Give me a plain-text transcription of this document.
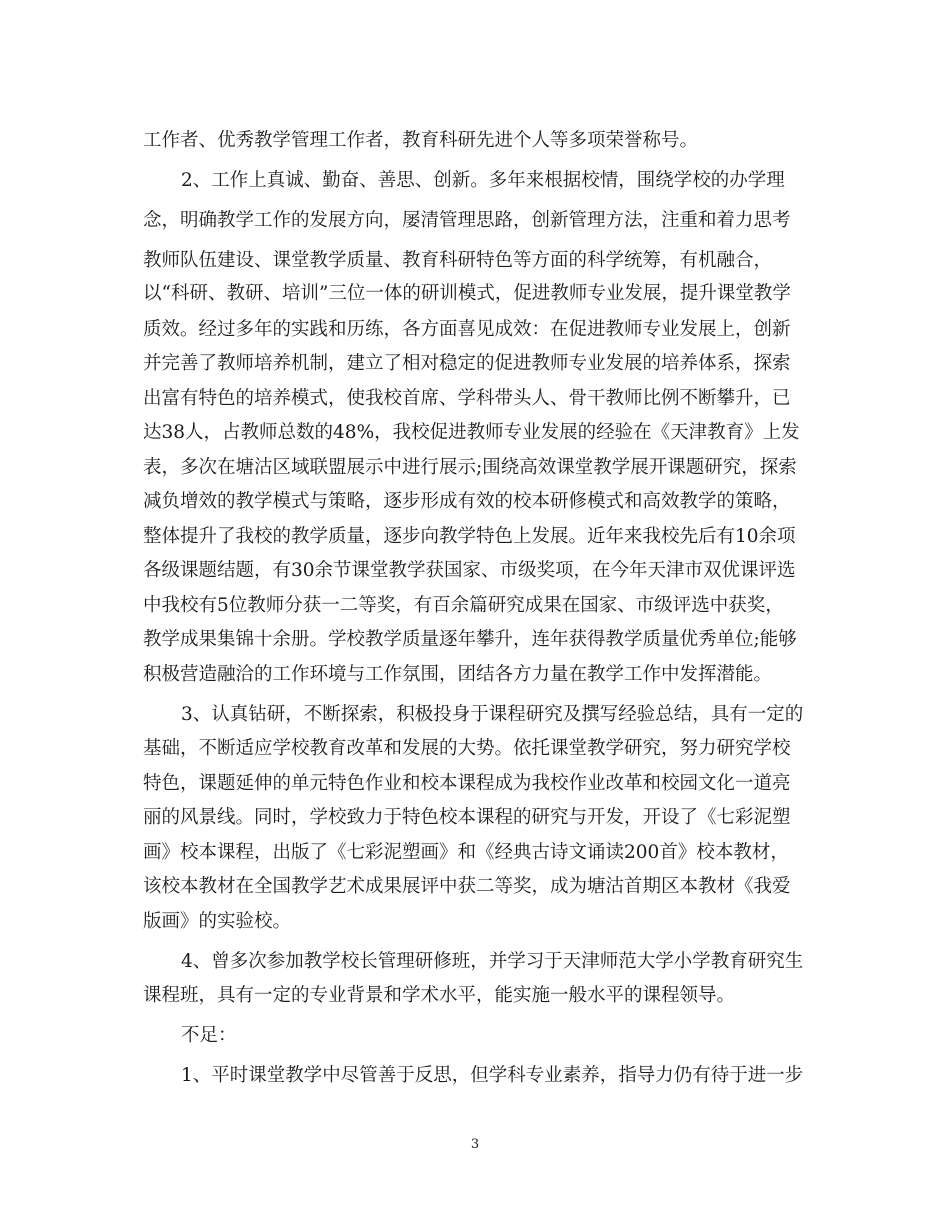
工作者、优秀教学管理工作者，教育科研先进个人等多项荣誉称号。
2、工作上真诚、勤奋、善思、创新。多年来根据校情，围绕学校的办学理
念，明确教学工作的发展方向，屡清管理思路，创新管理方法，注重和着力思考
教师队伍建设、课堂教学质量、教育科研特色等方面的科学统筹，有机融合，
以“科研、教研、培训”三位一体的研训模式，促进教师专业发展，提升课堂教学
质效。经过多年的实践和历练，各方面喜见成效：在促进教师专业发展上，创新
并完善了教师培养机制，建立了相对稳定的促进教师专业发展的培养体系，探索
出富有特色的培养模式，使我校首席、学科带头人、骨干教师比例不断攀升，已
达38人，占教师总数的48%，我校促进教师专业发展的经验在《天津教育》上发
表，多次在塘沽区域联盟展示中进行展示;围绕高效课堂教学展开课题研究，探索
减负增效的教学模式与策略，逐步形成有效的校本研修模式和高效教学的策略，
整体提升了我校的教学质量，逐步向教学特色上发展。近年来我校先后有10余项
各级课题结题，有30余节课堂教学获国家、市级奖项，在今年天津市双优课评选
中我校有5位教师分获一二等奖，有百余篇研究成果在国家、市级评选中获奖，
教学成果集锦十余册。学校教学质量逐年攀升，连年获得教学质量优秀单位;能够
积极营造融洽的工作环境与工作氛围，团结各方力量在教学工作中发挥潜能。
3、认真钻研，不断探索，积极投身于课程研究及撰写经验总结，具有一定的
基础，不断适应学校教育改革和发展的大势。依托课堂教学研究，努力研究学校
特色，课题延伸的单元特色作业和校本课程成为我校作业改革和校园文化一道亮
丽的风景线。同时，学校致力于特色校本课程的研究与开发，开设了《七彩泥塑
画》校本课程，出版了《七彩泥塑画》和《经典古诗文诵读200首》校本教材，
该校本教材在全国教学艺术成果展评中获二等奖，成为塘沽首期区本教材《我爱
版画》的实验校。
4、曾多次参加教学校长管理研修班，并学习于天津师范大学小学教育研究生
课程班，具有一定的专业背景和学术水平，能实施一般水平的课程领导。
不足：
1、平时课堂教学中尽管善于反思，但学科专业素养，指导力仍有待于进一步
3
